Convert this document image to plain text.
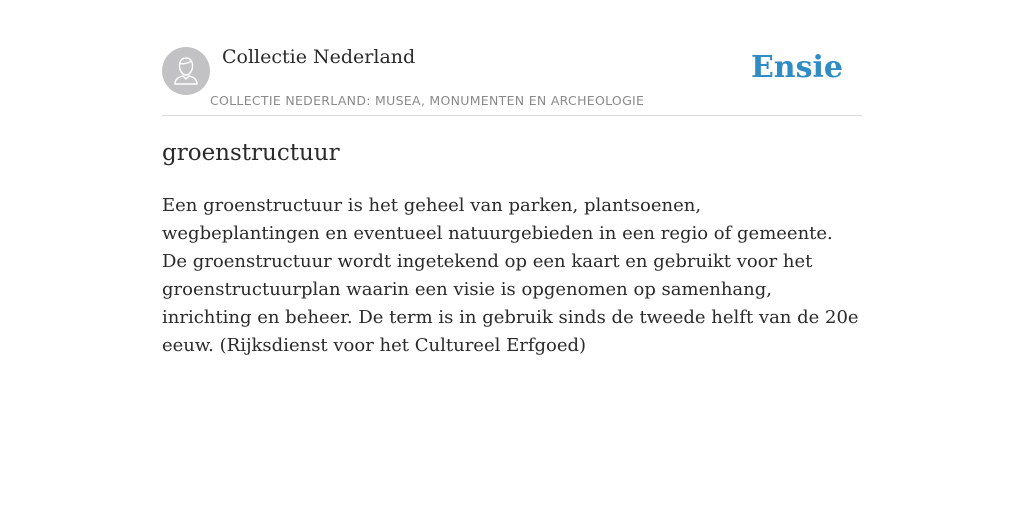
Collectie Nederland
COLLECTIE NEDERLAND: MUSEA, MONUMENTEN EN ARCHEOLOGIE
Ensie
groenstructuur

Een groenstructuur is het geheel van parken, plantsoenen, wegbeplantingen en eventueel natuurgebieden in een regio of gemeente. De groenstructuur wordt ingetekend op een kaart en gebruikt voor het groenstructuurplan waarin een visie is opgenomen op samenhang, inrichting en beheer. De term is in gebruik sinds de tweede helft van de 20e eeuw. (Rijksdienst voor het Cultureel Erfgoed)
